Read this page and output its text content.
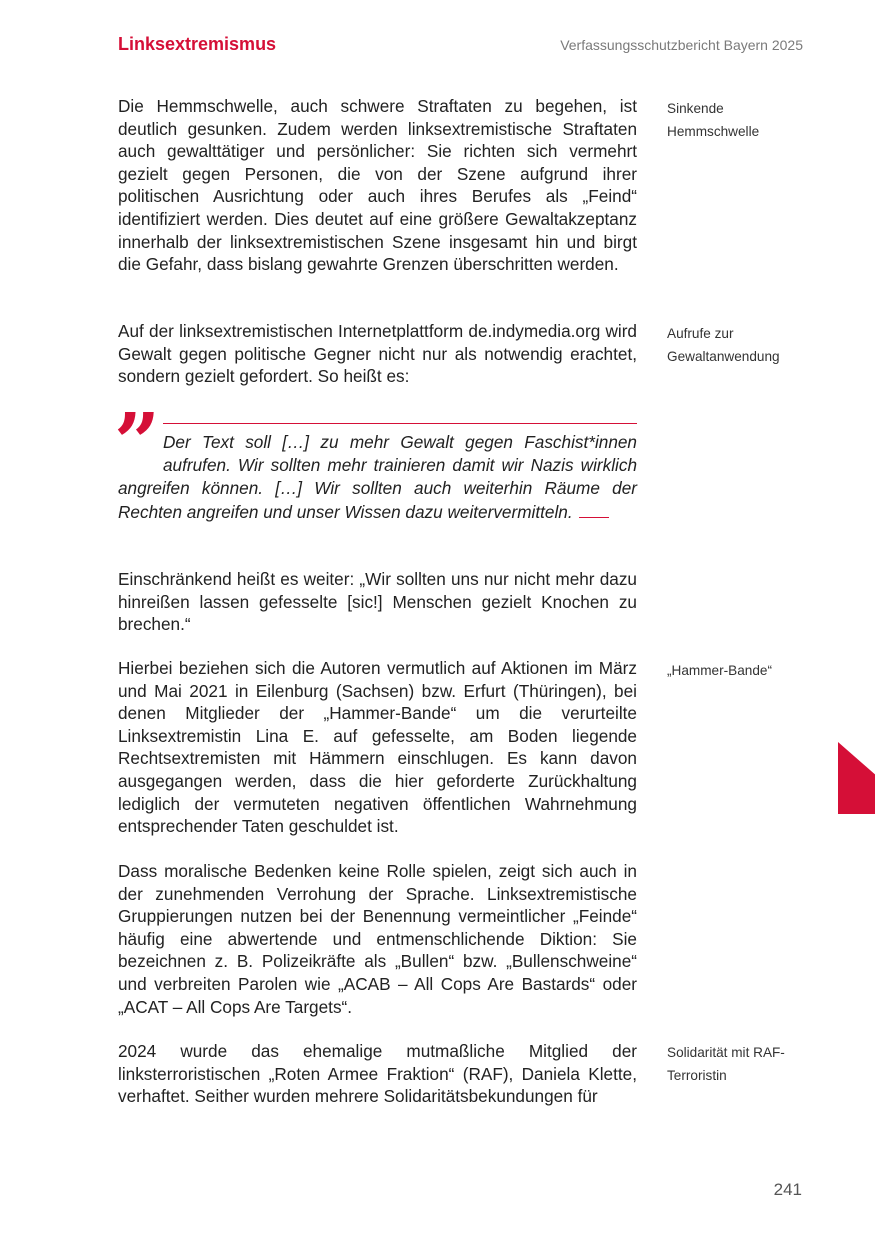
Linksextremismus	Verfassungsschutzbericht Bayern 2025

Die Hemmschwelle, auch schwere Straftaten zu begehen, ist deutlich gesunken. Zudem werden linksextremistische Straftaten auch gewalttätiger und persönlicher: Sie richten sich vermehrt gezielt gegen Personen, die von der Szene aufgrund ihrer politischen Ausrichtung oder auch ihres Berufes als „Feind“ identifiziert werden. Dies deutet auf eine größere Gewaltakzeptanz innerhalb der linksextremistischen Szene insgesamt hin und birgt die Gefahr, dass bislang gewahrte Grenzen überschritten werden.

Sinkende Hemmschwelle

Auf der linksextremistischen Internetplattform de.indymedia.org wird Gewalt gegen politische Gegner nicht nur als notwendig erachtet, sondern gezielt gefordert. So heißt es:

Aufrufe zur Gewaltanwendung

” Der Text soll […] zu mehr Gewalt gegen Faschist*innen aufrufen. Wir sollten mehr trainieren damit wir Nazis wirklich angreifen können. […] Wir sollten auch weiterhin Räume der Rechten angreifen und unser Wissen dazu weitervermitteln.

Einschränkend heißt es weiter: „Wir sollten uns nur nicht mehr dazu hinreißen lassen gefesselte [sic!] Menschen gezielt Knochen zu brechen.“

Hierbei beziehen sich die Autoren vermutlich auf Aktionen im März und Mai 2021 in Eilenburg (Sachsen) bzw. Erfurt (Thüringen), bei denen Mitglieder der „Hammer-Bande“ um die verurteilte Linksextremistin Lina E. auf gefesselte, am Boden liegende Rechtsextremisten mit Hämmern einschlugen. Es kann davon ausgegangen werden, dass die hier geforderte Zurückhaltung lediglich der vermuteten negativen öffentlichen Wahrnehmung entsprechender Taten geschuldet ist.

„Hammer-Bande“

Dass moralische Bedenken keine Rolle spielen, zeigt sich auch in der zunehmenden Verrohung der Sprache. Linksextremistische Gruppierungen nutzen bei der Benennung vermeintlicher „Feinde“ häufig eine abwertende und entmenschlichende Diktion: Sie bezeichnen z. B. Polizeikräfte als „Bullen“ bzw. „Bullenschweine“ und verbreiten Parolen wie „ACAB – All Cops Are Bastards“ oder „ACAT – All Cops Are Targets“.

2024 wurde das ehemalige mutmaßliche Mitglied der linksterroristischen „Roten Armee Fraktion“ (RAF), Daniela Klette, verhaftet. Seither wurden mehrere Solidaritätsbekundungen für

Solidarität mit RAF-Terroristin

241
